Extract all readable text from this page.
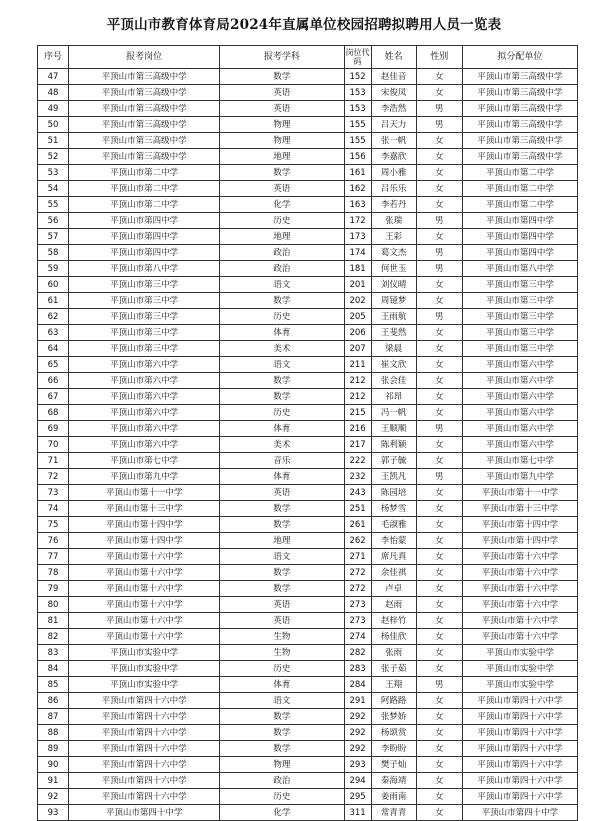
平顶山市教育体育局2024年直属单位校园招聘拟聘用人员一览表
序号	报考岗位	报考学科	岗位代码	姓名	性别	拟分配单位
47	平顶山市第三高级中学	数学	152	赵佳音	女	平顶山市第三高级中学
48	平顶山市第三高级中学	英语	153	宋俊凤	女	平顶山市第三高级中学
49	平顶山市第三高级中学	英语	153	李浩然	男	平顶山市第三高级中学
50	平顶山市第三高级中学	物理	155	吕天力	男	平顶山市第三高级中学
51	平顶山市第三高级中学	物理	155	张一帆	女	平顶山市第三高级中学
52	平顶山市第三高级中学	地理	156	李嘉欣	女	平顶山市第三高级中学
53	平顶山市第二中学	数学	161	周小雅	女	平顶山市第二中学
54	平顶山市第二中学	英语	162	吕乐乐	女	平顶山市第二中学
55	平顶山市第二中学	化学	163	李若丹	女	平顶山市第二中学
56	平顶山市第四中学	历史	172	张瑞	男	平顶山市第四中学
57	平顶山市第四中学	地理	173	王彩	女	平顶山市第四中学
58	平顶山市第四中学	政治	174	葛文杰	男	平顶山市第四中学
59	平顶山市第八中学	政治	181	何世玉	男	平顶山市第八中学
60	平顶山市第三中学	语文	201	刘仪晴	女	平顶山市第三中学
61	平顶山市第三中学	数学	202	周镱梦	女	平顶山市第三中学
62	平顶山市第三中学	历史	205	王雨航	男	平顶山市第三中学
63	平顶山市第三中学	体育	206	王斐然	女	平顶山市第三中学
64	平顶山市第三中学	美术	207	梁晨	女	平顶山市第三中学
65	平顶山市第六中学	语文	211	崔文欣	女	平顶山市第六中学
66	平顶山市第六中学	数学	212	张会佳	女	平顶山市第六中学
67	平顶山市第六中学	数学	212	祁昂	女	平顶山市第六中学
68	平顶山市第六中学	历史	215	冯一帆	女	平顶山市第六中学
69	平顶山市第六中学	体育	216	王顺顺	男	平顶山市第六中学
70	平顶山市第六中学	美术	217	陈利颖	女	平顶山市第六中学
71	平顶山市第七中学	音乐	222	郭子毓	女	平顶山市第七中学
72	平顶山市第九中学	体育	232	王凯凡	男	平顶山市第九中学
73	平顶山市第十一中学	英语	243	陈园培	女	平顶山市第十一中学
74	平顶山市第十三中学	数学	251	杨梦雪	女	平顶山市第十三中学
75	平顶山市第十四中学	数学	261	毛淑雅	女	平顶山市第十四中学
76	平顶山市第十四中学	地理	262	李怡蒙	女	平顶山市第十四中学
77	平顶山市第十六中学	语文	271	席凡真	女	平顶山市第十六中学
78	平顶山市第十六中学	数学	272	余佳祺	女	平顶山市第十六中学
79	平顶山市第十六中学	数学	272	卢卓	女	平顶山市第十六中学
80	平顶山市第十六中学	英语	273	赵雨	女	平顶山市第十六中学
81	平顶山市第十六中学	英语	273	赵梓竹	女	平顶山市第十六中学
82	平顶山市第十六中学	生物	274	杨佳欣	女	平顶山市第十六中学
83	平顶山市实验中学	生物	282	张雨	女	平顶山市实验中学
84	平顶山市实验中学	历史	283	张子茹	女	平顶山市实验中学
85	平顶山市实验中学	体育	284	王翔	男	平顶山市实验中学
86	平顶山市第四十六中学	语文	291	阿路路	女	平顶山市第四十六中学
87	平顶山市第四十六中学	数学	292	张梦娇	女	平顶山市第四十六中学
88	平顶山市第四十六中学	数学	292	杨颂赏	女	平顶山市第四十六中学
89	平顶山市第四十六中学	数学	292	李盼盼	女	平顶山市第四十六中学
90	平顶山市第四十六中学	物理	293	樊子灿	女	平顶山市第四十六中学
91	平顶山市第四十六中学	政治	294	秦海靖	女	平顶山市第四十六中学
92	平顶山市第四十六中学	历史	295	姜雨南	女	平顶山市第四十六中学
93	平顶山市第四十中学	化学	311	常青青	女	平顶山市第四十中学
